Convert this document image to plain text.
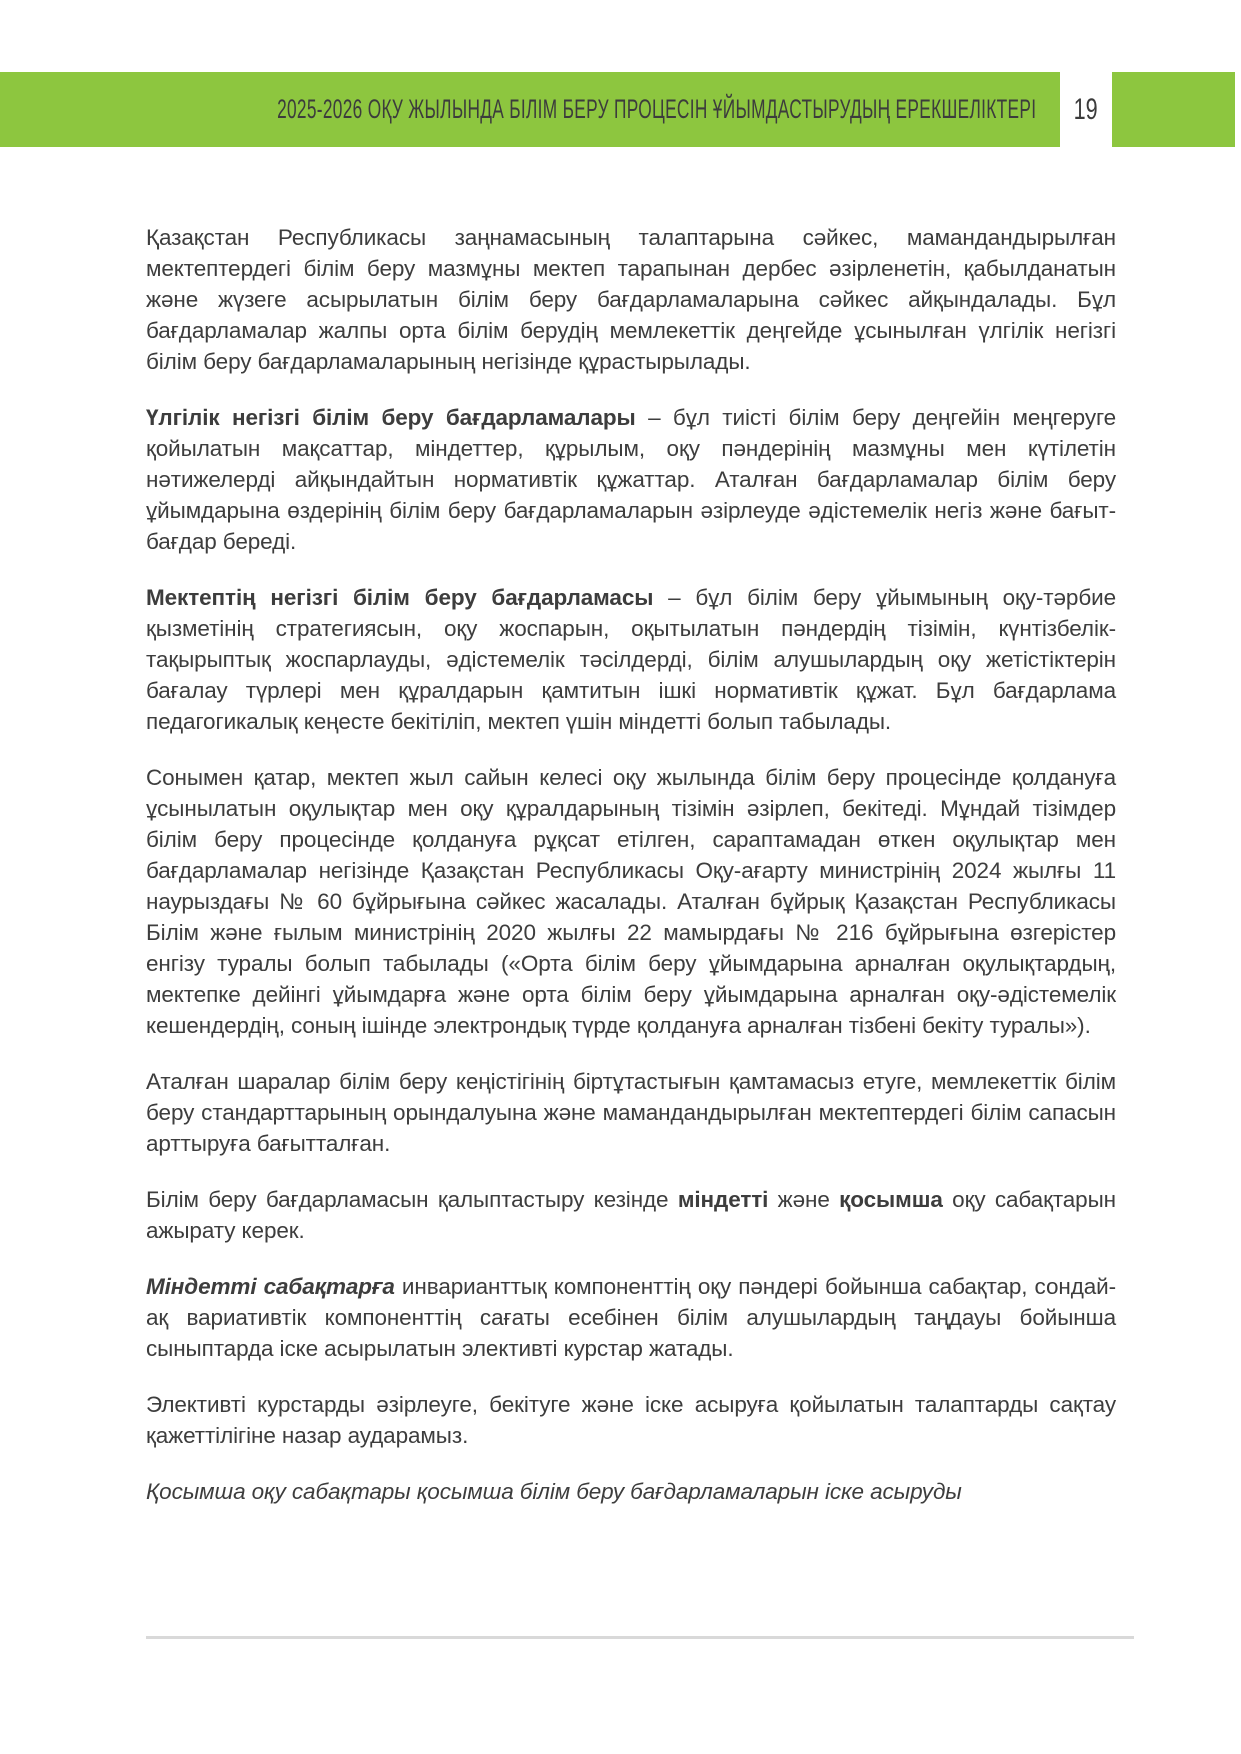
2025-2026 ОҚУ ЖЫЛЫНДА БІЛІМ БЕРУ ПРОЦЕСІН ҰЙЫМДАСТЫРУДЫҢ ЕРЕКШЕЛІКТЕРІ 19

Қазақстан Республикасы заңнамасының талаптарына сәйкес, мамандандырылған мектептердегі білім беру мазмұны мектеп тарапынан дербес әзірленетін, қабылданатын және жүзеге асырылатын білім беру бағдарламаларына сәйкес айқындалады. Бұл бағдарламалар жалпы орта білім берудің мемлекеттік деңгейде ұсынылған үлгілік негізгі білім беру бағдарламаларының негізінде құрастырылады.

Үлгілік негізгі білім беру бағдарламалары – бұл тиісті білім беру деңгейін меңгеруге қойылатын мақсаттар, міндеттер, құрылым, оқу пәндерінің мазмұны мен күтілетін нәтижелерді айқындайтын нормативтік құжаттар. Аталған бағдарламалар білім беру ұйымдарына өздерінің білім беру бағдарламаларын әзірлеуде әдістемелік негіз және бағыт-бағдар береді.

Мектептің негізгі білім беру бағдарламасы – бұл білім беру ұйымының оқу-тәрбие қызметінің стратегиясын, оқу жоспарын, оқытылатын пәндердің тізімін, күнтізбелік-тақырыптық жоспарлауды, әдістемелік тәсілдерді, білім алушылардың оқу жетістіктерін бағалау түрлері мен құралдарын қамтитын ішкі нормативтік құжат. Бұл бағдарлама педагогикалық кеңесте бекітіліп, мектеп үшін міндетті болып табылады.

Сонымен қатар, мектеп жыл сайын келесі оқу жылында білім беру процесінде қолдануға ұсынылатын оқулықтар мен оқу құралдарының тізімін әзірлеп, бекітеді. Мұндай тізімдер білім беру процесінде қолдануға рұқсат етілген, сараптамадан өткен оқулықтар мен бағдарламалар негізінде Қазақстан Республикасы Оқу-ағарту министрінің 2024 жылғы 11 наурыздағы № 60 бұйрығына сәйкес жасалады. Аталған бұйрық Қазақстан Республикасы Білім және ғылым министрінің 2020 жылғы 22 мамырдағы № 216 бұйрығына өзгерістер енгізу туралы болып табылады («Орта білім беру ұйымдарына арналған оқулықтардың, мектепке дейінгі ұйымдарға және орта білім беру ұйымдарына арналған оқу-әдістемелік кешендердің, соның ішінде электрондық түрде қолдануға арналған тізбені бекіту туралы»).

Аталған шаралар білім беру кеңістігінің біртұтастығын қамтамасыз етуге, мемлекеттік білім беру стандарттарының орындалуына және мамандандырылған мектептердегі білім сапасын арттыруға бағытталған.

Білім беру бағдарламасын қалыптастыру кезінде міндетті және қосымша оқу сабақтарын ажырату керек.

Міндетті сабақтарға инварианттық компоненттің оқу пәндері бойынша сабақтар, сондай-ақ вариативтік компоненттің сағаты есебінен білім алушылардың таңдауы бойынша сыныптарда іске асырылатын элективті курстар жатады.

Элективті курстарды әзірлеуге, бекітуге және іске асыруға қойылатын талаптарды сақтау қажеттілігіне назар аударамыз.

Қосымша оқу сабақтары қосымша білім беру бағдарламаларын іске асыруды
